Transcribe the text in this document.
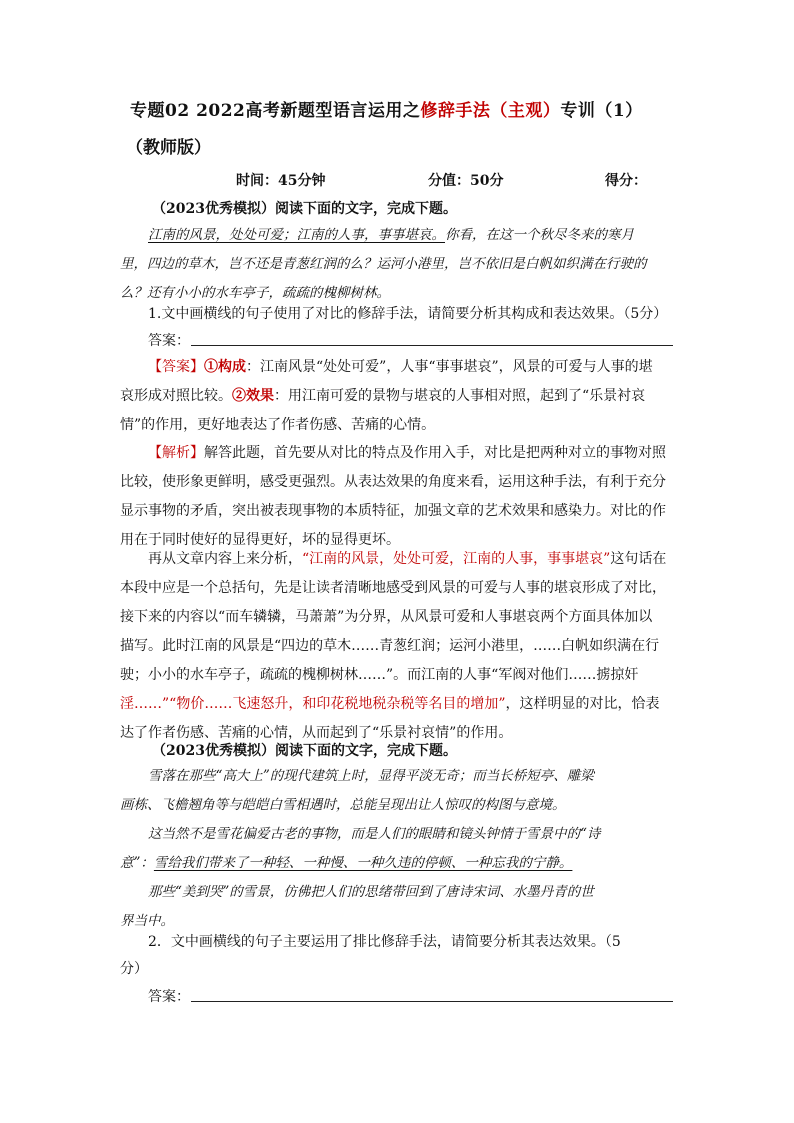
专题02 2022高考新题型语言运用之修辞手法（主观）专训（1）
（教师版）
时间：45分钟	分值：50分	得分：
（2023优秀模拟）阅读下面的文字，完成下题。
江南的风景，处处可爱；江南的人事，事事堪哀。你看，在这一个秋尽冬来的寒月
里，四边的草木，岂不还是青葱红润的么？运河小港里，岂不依旧是白帆如织满在行驶的
么？还有小小的水车亭子，疏疏的槐柳树林。
1.文中画横线的句子使用了对比的修辞手法，请简要分析其构成和表达效果。（5分）
答案：
【答案】①构成：江南风景“处处可爱”，人事“事事堪哀”，风景的可爱与人事的堪
哀形成对照比较。②效果：用江南可爱的景物与堪哀的人事相对照，起到了“乐景衬哀
情”的作用，更好地表达了作者伤感、苦痛的心情。
【解析】解答此题，首先要从对比的特点及作用入手，对比是把两种对立的事物对照
比较，使形象更鲜明，感受更强烈。从表达效果的角度来看，运用这种手法，有利于充分
显示事物的矛盾，突出被表现事物的本质特征，加强文章的艺术效果和感染力。对比的作
用在于同时使好的显得更好，坏的显得更坏。
再从文章内容上来分析，“江南的风景，处处可爱，江南的人事，事事堪哀”这句话在
本段中应是一个总括句，先是让读者清晰地感受到风景的可爱与人事的堪哀形成了对比，
接下来的内容以“而车辚辚，马萧萧”为分界，从风景可爱和人事堪哀两个方面具体加以
描写。此时江南的风景是“四边的草木……青葱红润；运河小港里，……白帆如织满在行
驶；小小的水车亭子，疏疏的槐柳树林……”。而江南的人事“军阀对他们……掳掠奸
淫……”“物价……飞速怒升，和印花税地税杂税等名目的增加”，这样明显的对比，恰表
达了作者伤感、苦痛的心情，从而起到了“乐景衬哀情”的作用。
（2023优秀模拟）阅读下面的文字，完成下题。
雪落在那些“高大上”的现代建筑上时，显得平淡无奇；而当长桥短亭、雕梁
画栋、飞檐翘角等与皑皑白雪相遇时，总能呈现出让人惊叹的构图与意境。
这当然不是雪花偏爱古老的事物，而是人们的眼睛和镜头钟情于雪景中的“诗
意”：雪给我们带来了一种轻、一种慢、一种久违的停顿、一种忘我的宁静。
那些“美到哭”的雪景，仿佛把人们的思绪带回到了唐诗宋词、水墨丹青的世
界当中。
2．文中画横线的句子主要运用了排比修辞手法，请简要分析其表达效果。（5
分）
答案：
